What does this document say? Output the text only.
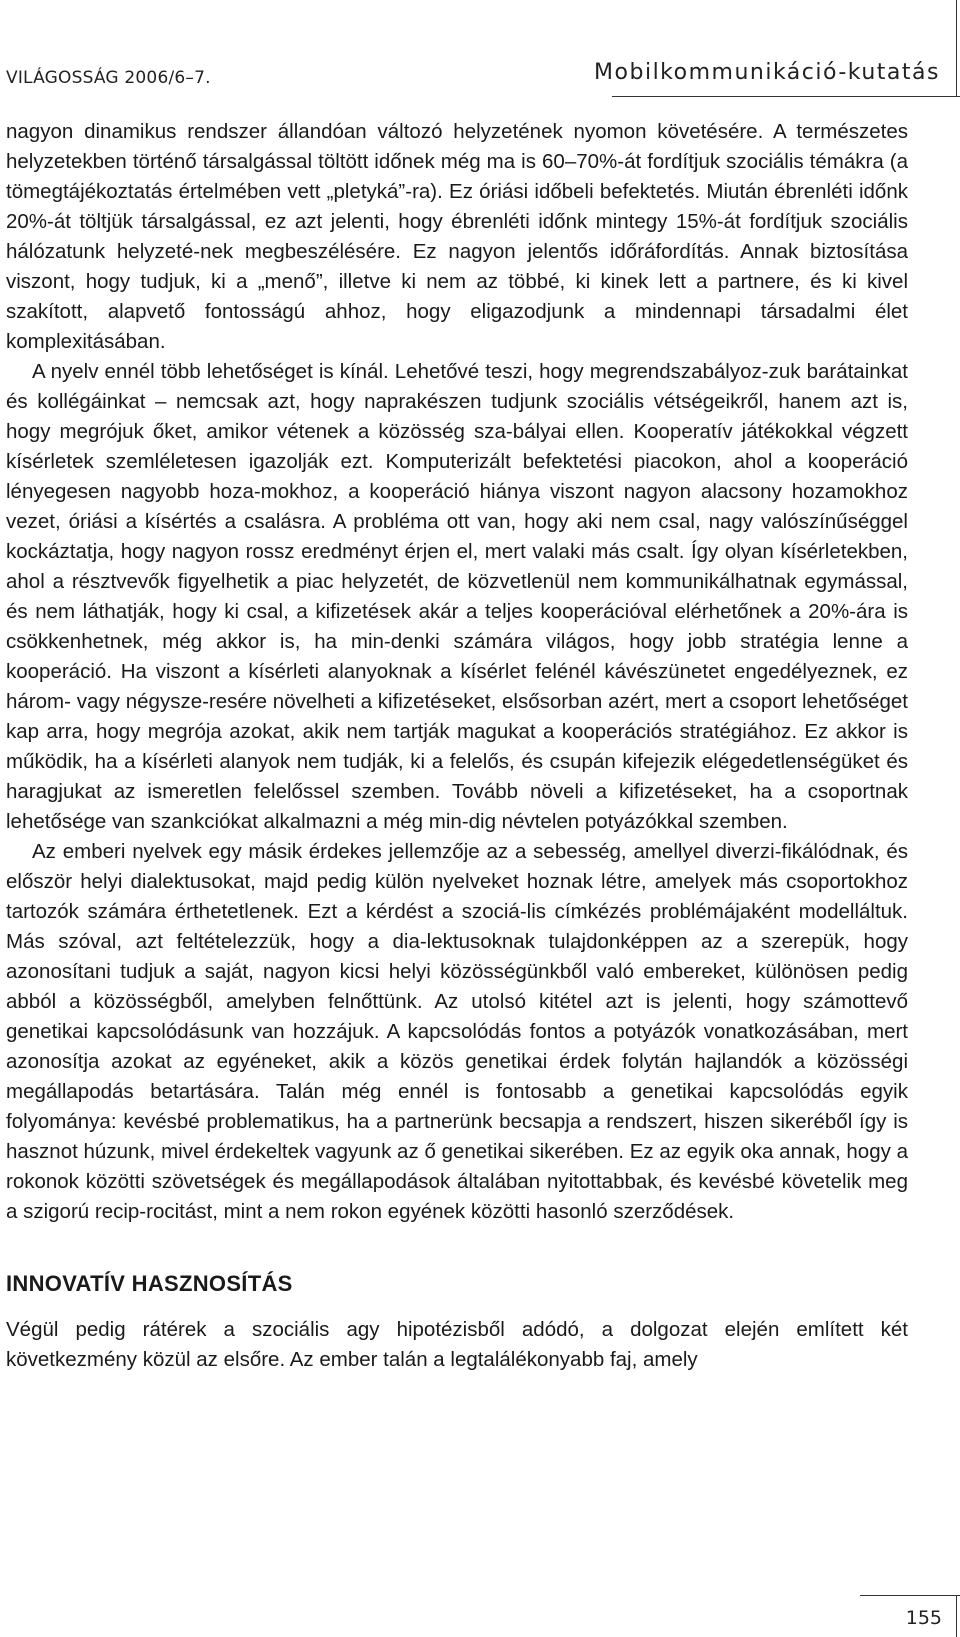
VILÁGOSSÁG 2006/6–7.	Mobilkommunikáció-kutatás

nagyon dinamikus rendszer állandóan változó helyzetének nyomon követésére. A természetes helyzetekben történő társalgással töltött időnek még ma is 60–70%-át fordítjuk szociális témákra (a tömegtájékoztatás értelmében vett „pletyká”-ra). Ez óriási időbeli befektetés. Miután ébrenléti időnk 20%-át töltjük társalgással, ez azt jelenti, hogy ébrenléti időnk mintegy 15%-át fordítjuk szociális hálózatunk helyzeté-nek megbeszélésére. Ez nagyon jelentős időráfordítás. Annak biztosítása viszont, hogy tudjuk, ki a „menő”, illetve ki nem az többé, ki kinek lett a partnere, és ki kivel szakított, alapvető fontosságú ahhoz, hogy eligazodjunk a mindennapi társadalmi élet komplexitásában.

A nyelv ennél több lehetőséget is kínál. Lehetővé teszi, hogy megrendszabályoz-zuk barátainkat és kollégáinkat – nemcsak azt, hogy naprakészen tudjunk szociális vétségeikről, hanem azt is, hogy megrójuk őket, amikor vétenek a közösség sza-bályai ellen. Kooperatív játékokkal végzett kísérletek szemléletesen igazolják ezt. Komputerizált befektetési piacokon, ahol a kooperáció lényegesen nagyobb hoza-mokhoz, a kooperáció hiánya viszont nagyon alacsony hozamokhoz vezet, óriási a kísértés a csalásra. A probléma ott van, hogy aki nem csal, nagy valószínűséggel kockáztatja, hogy nagyon rossz eredményt érjen el, mert valaki más csalt. Így olyan kísérletekben, ahol a résztvevők figyelhetik a piac helyzetét, de közvetlenül nem kommunikálhatnak egymással, és nem láthatják, hogy ki csal, a kifizetések akár a teljes kooperációval elérhetőnek a 20%-ára is csökkenhetnek, még akkor is, ha min-denki számára világos, hogy jobb stratégia lenne a kooperáció. Ha viszont a kísérleti alanyoknak a kísérlet felénél kávészünetet engedélyeznek, ez három- vagy négysze-resére növelheti a kifizetéseket, elsősorban azért, mert a csoport lehetőséget kap arra, hogy megrója azokat, akik nem tartják magukat a kooperációs stratégiához. Ez akkor is működik, ha a kísérleti alanyok nem tudják, ki a felelős, és csupán kifejezik elégedetlenségüket és haragjukat az ismeretlen felelőssel szemben. Tovább növeli a kifizetéseket, ha a csoportnak lehetősége van szankciókat alkalmazni a még min-dig névtelen potyázókkal szemben.

Az emberi nyelvek egy másik érdekes jellemzője az a sebesség, amellyel diverzi-fikálódnak, és először helyi dialektusokat, majd pedig külön nyelveket hoznak létre, amelyek más csoportokhoz tartozók számára érthetetlenek. Ezt a kérdést a szociá-lis címkézés problémájaként modelláltuk. Más szóval, azt feltételezzük, hogy a dia-lektusoknak tulajdonképpen az a szerepük, hogy azonosítani tudjuk a saját, nagyon kicsi helyi közösségünkből való embereket, különösen pedig abból a közösségből, amelyben felnőttünk. Az utolsó kitétel azt is jelenti, hogy számottevő genetikai kapcsolódásunk van hozzájuk. A kapcsolódás fontos a potyázók vonatkozásában, mert azonosítja azokat az egyéneket, akik a közös genetikai érdek folytán hajlandók a közösségi megállapodás betartására. Talán még ennél is fontosabb a genetikai kapcsolódás egyik folyománya: kevésbé problematikus, ha a partnerünk becsapja a rendszert, hiszen sikeréből így is hasznot húzunk, mivel érdekeltek vagyunk az ő genetikai sikerében. Ez az egyik oka annak, hogy a rokonok közötti szövetségek és megállapodások általában nyitottabbak, és kevésbé követelik meg a szigorú recip-rocitást, mint a nem rokon egyének közötti hasonló szerződések.

INNOVATÍV HASZNOSÍTÁS

Végül pedig rátérek a szociális agy hipotézisből adódó, a dolgozat elején említett két következmény közül az elsőre. Az ember talán a legtalálékonyabb faj, amely

155
